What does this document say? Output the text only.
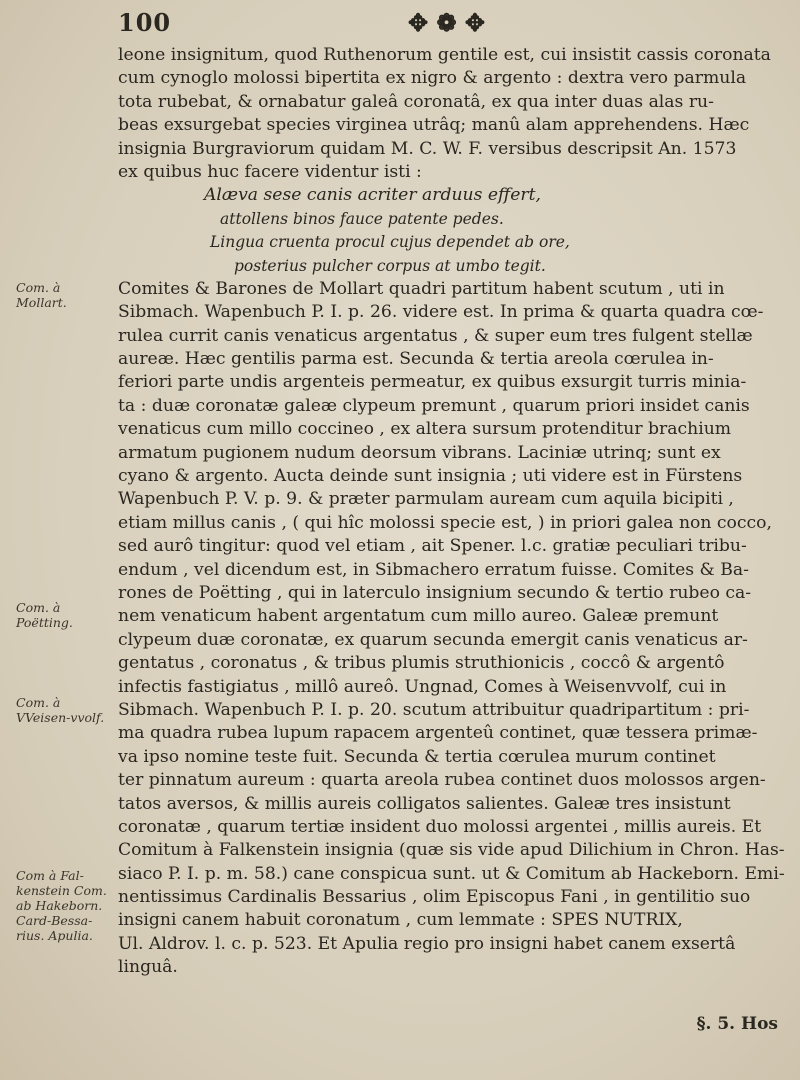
100	✥ ❁ ✥
leone insignitum, quod Ruthenorum gentile est, cui insistit cassis coronata
cum cynoglo molossi bipertita ex nigro & argento : dextra vero parmula
tota rubebat, & ornabatur galeâ coronatâ, ex qua inter duas alas ru-
beas exsurgebat species virginea utrâq; manû alam apprehendens. Hæc
insignia Burgraviorum quidam M. C. W. F. versibus descripsit An. 1573
ex quibus huc facere videntur isti :
Alæva sese canis acriter arduus effert,
attollens binos fauce patente pedes.
Lingua cruenta procul cujus dependet ab ore,
posterius pulcher corpus at umbo tegit.
Comites & Barones de Mollart quadri partitum habent scutum , uti in
Sibmach. Wapenbuch P. I. p. 26. videre est. In prima & quarta quadra cœ-
rulea currit canis venaticus argentatus , & super eum tres fulgent stellæ
aureæ. Hæc gentilis parma est. Secunda & tertia areola cœrulea in-
feriori parte undis argenteis permeatur, ex quibus exsurgit turris minia-
ta : duæ coronatæ galeæ clypeum premunt , quarum priori insidet canis
venaticus cum millo coccineo , ex altera sursum protenditur brachium
armatum pugionem nudum deorsum vibrans. Laciniæ utrinq; sunt ex
cyano & argento. Aucta deinde sunt insignia ; uti videre est in Fürstens
Wapenbuch P. V. p. 9. & præter parmulam auream cum aquila bicipiti ,
etiam millus canis , ( qui hîc molossi specie est, ) in priori galea non cocco,
sed aurô tingitur: quod vel etiam , ait Spener. l.c. gratiæ peculiari tribu-
endum , vel dicendum est, in Sibmachero erratum fuisse. Comites & Ba-
rones de Poëtting , qui in laterculo insignium secundo & tertio rubeo ca-
nem venaticum habent argentatum cum millo aureo. Galeæ premunt
clypeum duæ coronatæ, ex quarum secunda emergit canis venaticus ar-
gentatus , coronatus , & tribus plumis struthionicis , coccô & argentô
infectis fastigiatus , millô aureô. Ungnad, Comes à Weisenvvolf, cui in
Sibmach. Wapenbuch P. I. p. 20. scutum attribuitur quadripartitum : pri-
ma quadra rubea lupum rapacem argenteû continet, quæ tessera primæ-
va ipso nomine teste fuit. Secunda & tertia cœrulea murum continet
ter pinnatum aureum : quarta areola rubea continet duos molossos argen-
tatos aversos, & millis aureis colligatos salientes. Galeæ tres insistunt
coronatæ , quarum tertiæ insident duo molossi argentei , millis aureis. Et
Comitum à Falkenstein insignia (quæ sis vide apud Dilichium in Chron. Has-
siaco P. I. p. m. 58.) cane conspicua sunt. ut & Comitum ab Hackeborn. Emi-
nentissimus Cardinalis Bessarius , olim Episcopus Fani , in gentilitio suo
insigni canem habuit coronatum , cum lemmate : SPES NUTRIX,
Ul. Aldrov. l. c. p. 523. Et Apulia regio pro insigni habet canem exsertâ
linguâ.
Com. à Mollart.
Com. à Poëtting.
Com. à VVeisen-vvolf.
Com à Fal-kenstein Com. ab Hakeborn. Card-Bessa-rius. Apulia.
§. 5. Hos
